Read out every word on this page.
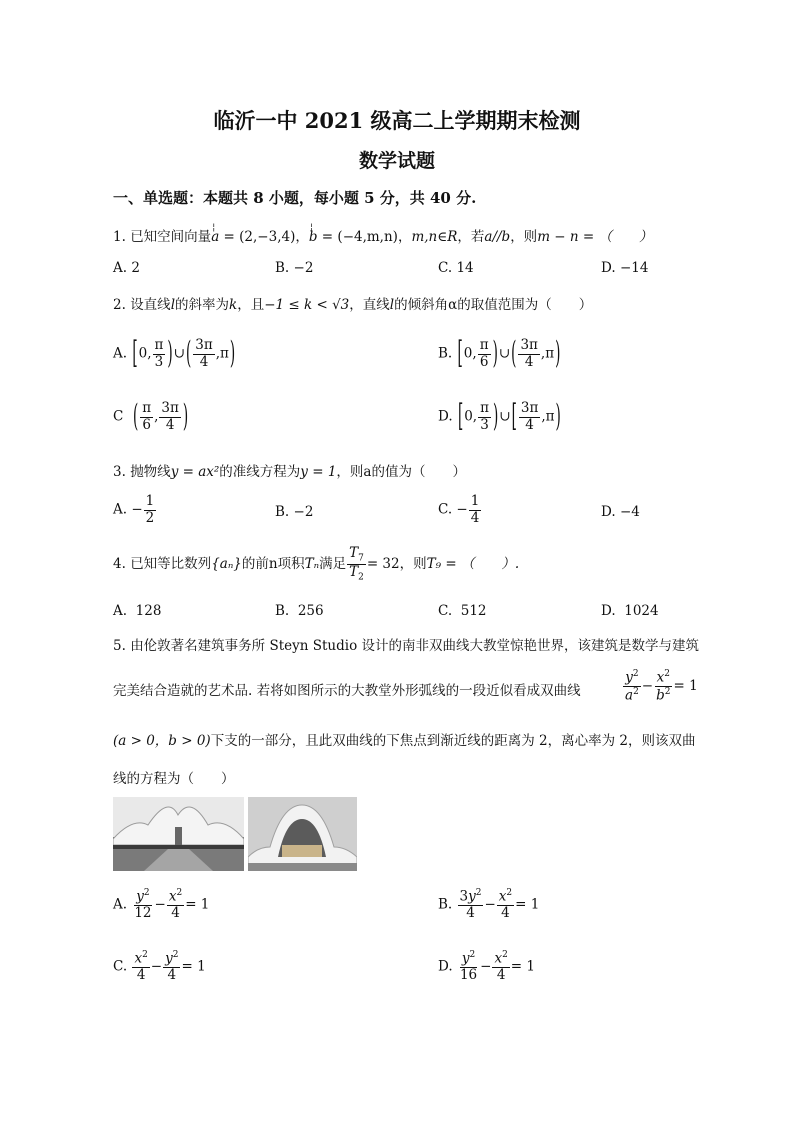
临沂一中 2021 级高二上学期期末检测
数学试题
一、单选题：本题共 8 小题，每小题 5 分，共 40 分.
1. 已知空间向量¦ a = (2,−3,4)，¦ b = (−4,m,n)，m,n∈R，若a//b，则m − n = （　　）
A. 2	B. −2	C. 14	D. −14
2. 设直线l的斜率为k，且−1 ≤ k < √3，直线l的倾斜角α的取值范围为（　　）
A. [0, $\frac{\pi}{3}$ )∪( $\frac{3\pi}{4} ,\pi$)	B. [0, $\frac{\pi}{6}$ )∪( $\frac{3\pi}{4} ,\pi$)
C ( $\frac{\pi}{6}$ , $\frac{3\pi}{4}$ )	D. [0, $\frac{\pi}{3}$ )∪[ $\frac{3\pi}{4} ,\pi$)
3. 抛物线y = ax²的准线方程为y = 1，则a的值为（　　）
A. − $\frac{1}{2}$	B. −2	C. − $\frac{1}{4}$	D. −4
4. 已知等比数列{aₙ}的前n项积Tₙ满足 $\frac{T_7}{T_2} = 32$，则T₉ = （　　）.
A. 128	B. 256	C. 512	D. 1024
5. 由伦敦著名建筑事务所 Steyn Studio 设计的南非双曲线大教堂惊艳世界，该建筑是数学与建筑
完美结合造就的艺术品. 若将如图所示的大教堂外形弧线的一段近似看成双曲线	$\frac{y^2}{a^2} - \frac{x^2}{b^2} = 1$
(a > 0，b > 0)下支的一部分，且此双曲线的下焦点到渐近线的距离为 2，离心率为 2，则该双曲
线的方程为（　　）
A. $\frac{y^2}{12} - \frac{x^2}{4} = 1$	B. $\frac{3y^2}{4} - \frac{x^2}{4} = 1$
C. $\frac{x^2}{4} - \frac{y^2}{4} = 1$	D. $\frac{y^2}{16} - \frac{x^2}{4} = 1$
